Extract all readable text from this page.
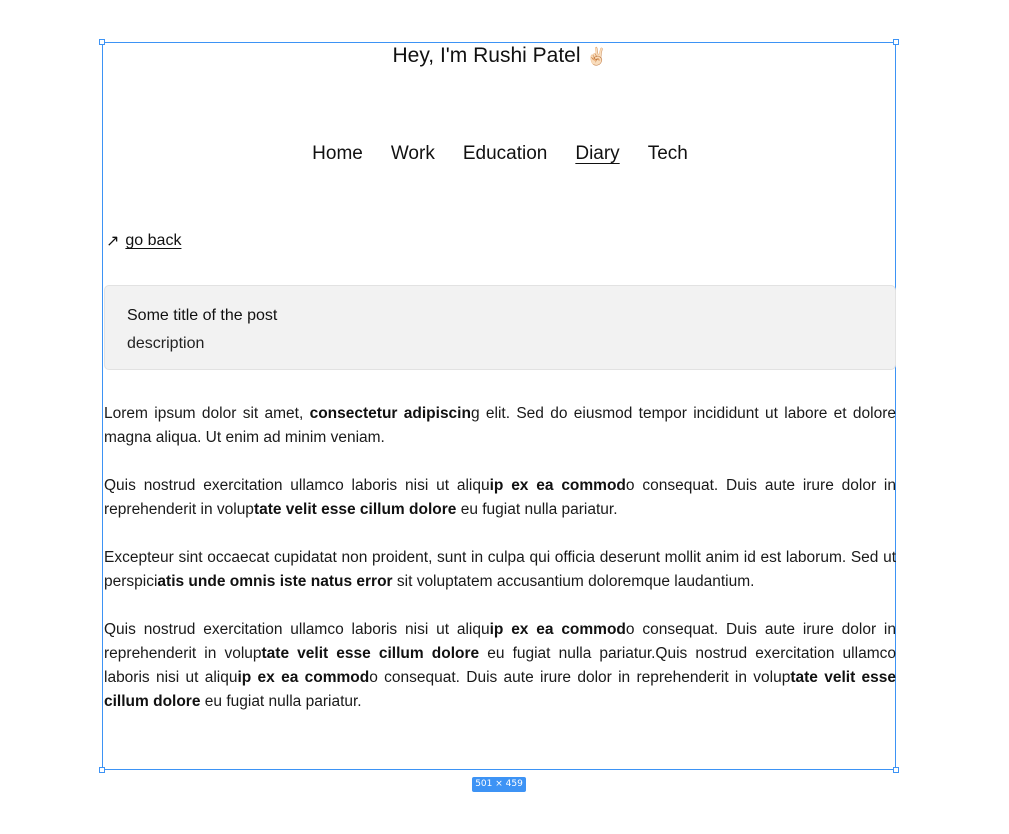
501 × 459
Hey, I'm Rushi Patel ✌🏻
Home Work Education Diary Tech
↗ go back
Some title of the post
description

Lorem ipsum dolor sit amet, consectetur adipiscing elit. Sed do eiusmod tempor incididunt ut labore et dolore magna aliqua. Ut enim ad minim veniam.

Quis nostrud exercitation ullamco laboris nisi ut aliquip ex ea commodo consequat. Duis aute irure dolor in reprehenderit in voluptate velit esse cillum dolore eu fugiat nulla pariatur.

Excepteur sint occaecat cupidatat non proident, sunt in culpa qui officia deserunt mollit anim id est laborum. Sed ut perspiciatis unde omnis iste natus error sit voluptatem accusantium doloremque laudantium.

Quis nostrud exercitation ullamco laboris nisi ut aliquip ex ea commodo consequat. Duis aute irure dolor in reprehenderit in voluptate velit esse cillum dolore eu fugiat nulla pariatur.Quis nostrud exercitation ullamco laboris nisi ut aliquip ex ea commodo consequat. Duis aute irure dolor in reprehenderit in voluptate velit esse cillum dolore eu fugiat nulla pariatur.
